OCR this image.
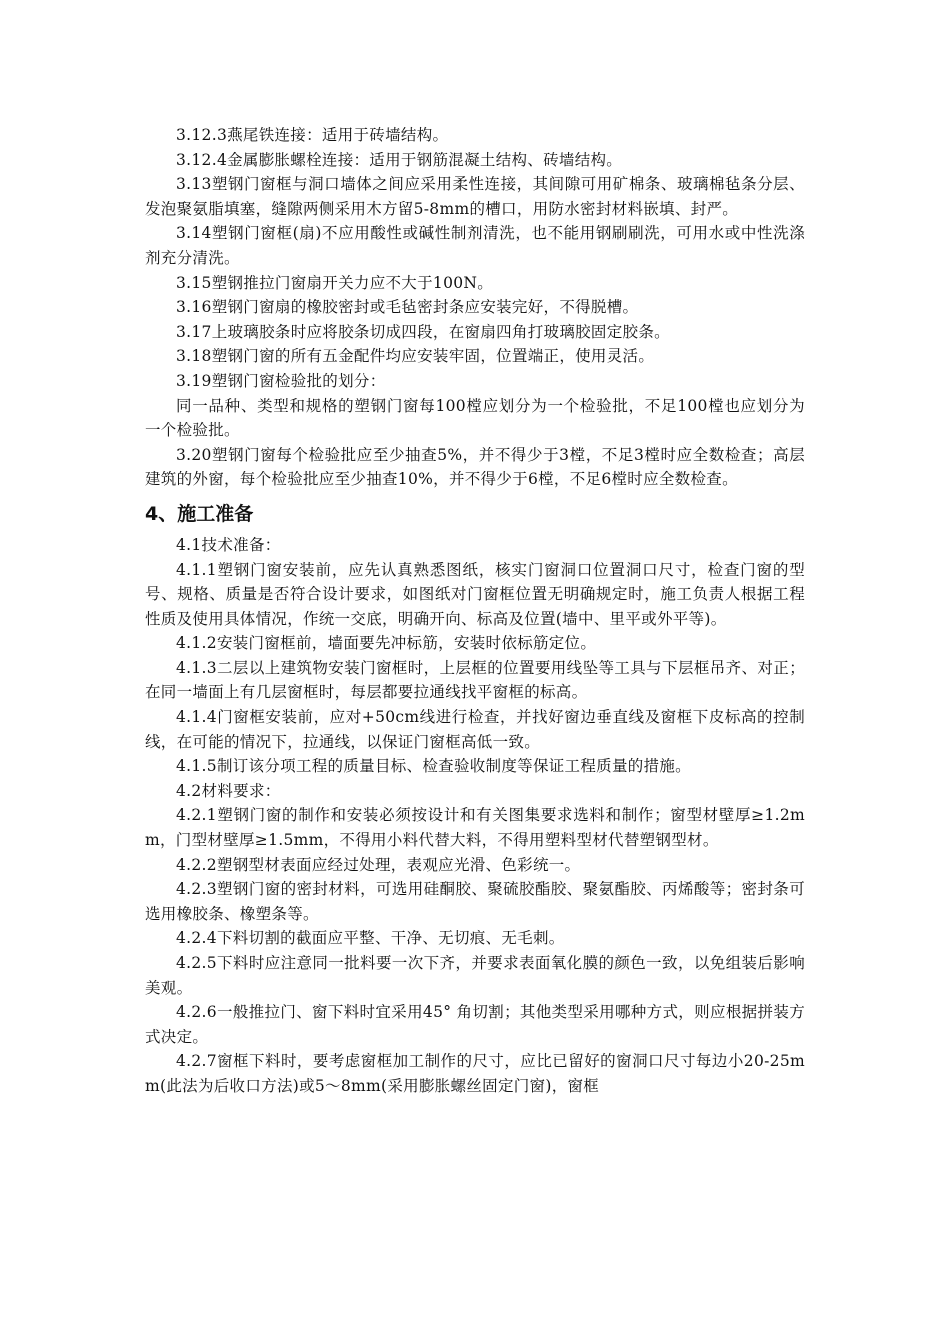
3.12.3燕尾铁连接：适用于砖墙结构。

3.12.4金属膨胀螺栓连接：适用于钢筋混凝土结构、砖墙结构。

3.13塑钢门窗框与洞口墙体之间应采用柔性连接，其间隙可用矿棉条、玻璃棉毡条分层、发泡聚氨脂填塞，缝隙两侧采用木方留5-8mm的槽口，用防水密封材料嵌填、封严。

3.14塑钢门窗框(扇)不应用酸性或碱性制剂清洗，也不能用钢刷刷洗，可用水或中性洗涤剂充分清洗。

3.15塑钢推拉门窗扇开关力应不大于100N。

3.16塑钢门窗扇的橡胶密封或毛毡密封条应安装完好，不得脱槽。

3.17上玻璃胶条时应将胶条切成四段，在窗扇四角打玻璃胶固定胶条。

3.18塑钢门窗的所有五金配件均应安装牢固，位置端正，使用灵活。

3.19塑钢门窗检验批的划分：

同一品种、类型和规格的塑钢门窗每100樘应划分为一个检验批，不足100樘也应划分为一个检验批。

3.20塑钢门窗每个检验批应至少抽查5%，并不得少于3樘，不足3樘时应全数检查；高层建筑的外窗，每个检验批应至少抽查10%，并不得少于6樘，不足6樘时应全数检查。

4、施工准备

4.1技术准备：

4.1.1塑钢门窗安装前，应先认真熟悉图纸，核实门窗洞口位置洞口尺寸，检查门窗的型号、规格、质量是否符合设计要求，如图纸对门窗框位置无明确规定时，施工负责人根据工程性质及使用具体情况，作统一交底，明确开向、标高及位置(墙中、里平或外平等)。

4.1.2安装门窗框前，墙面要先冲标筋，安装时依标筋定位。

4.1.3二层以上建筑物安装门窗框时，上层框的位置要用线坠等工具与下层框吊齐、对正；在同一墙面上有几层窗框时，每层都要拉通线找平窗框的标高。

4.1.4门窗框安装前，应对+50cm线进行检查，并找好窗边垂直线及窗框下皮标高的控制线，在可能的情况下，拉通线，以保证门窗框高低一致。

4.1.5制订该分项工程的质量目标、检查验收制度等保证工程质量的措施。

4.2材料要求：

4.2.1塑钢门窗的制作和安装必须按设计和有关图集要求选料和制作；窗型材壁厚≥1.2mm，门型材壁厚≥1.5mm，不得用小料代替大料，不得用塑料型材代替塑钢型材。

4.2.2塑钢型材表面应经过处理，表观应光滑、色彩统一。

4.2.3塑钢门窗的密封材料，可选用硅酮胶、聚硫胶酯胶、聚氨酯胶、丙烯酸等；密封条可选用橡胶条、橡塑条等。

4.2.4下料切割的截面应平整、干净、无切痕、无毛刺。

4.2.5下料时应注意同一批料要一次下齐，并要求表面氧化膜的颜色一致，以免组装后影响美观。

4.2.6一般推拉门、窗下料时宜采用45° 角切割；其他类型采用哪种方式，则应根据拼装方式决定。

4.2.7窗框下料时，要考虑窗框加工制作的尺寸，应比已留好的窗洞口尺寸每边小20-25mm(此法为后收口方法)或5～8mm(采用膨胀螺丝固定门窗)，窗框
